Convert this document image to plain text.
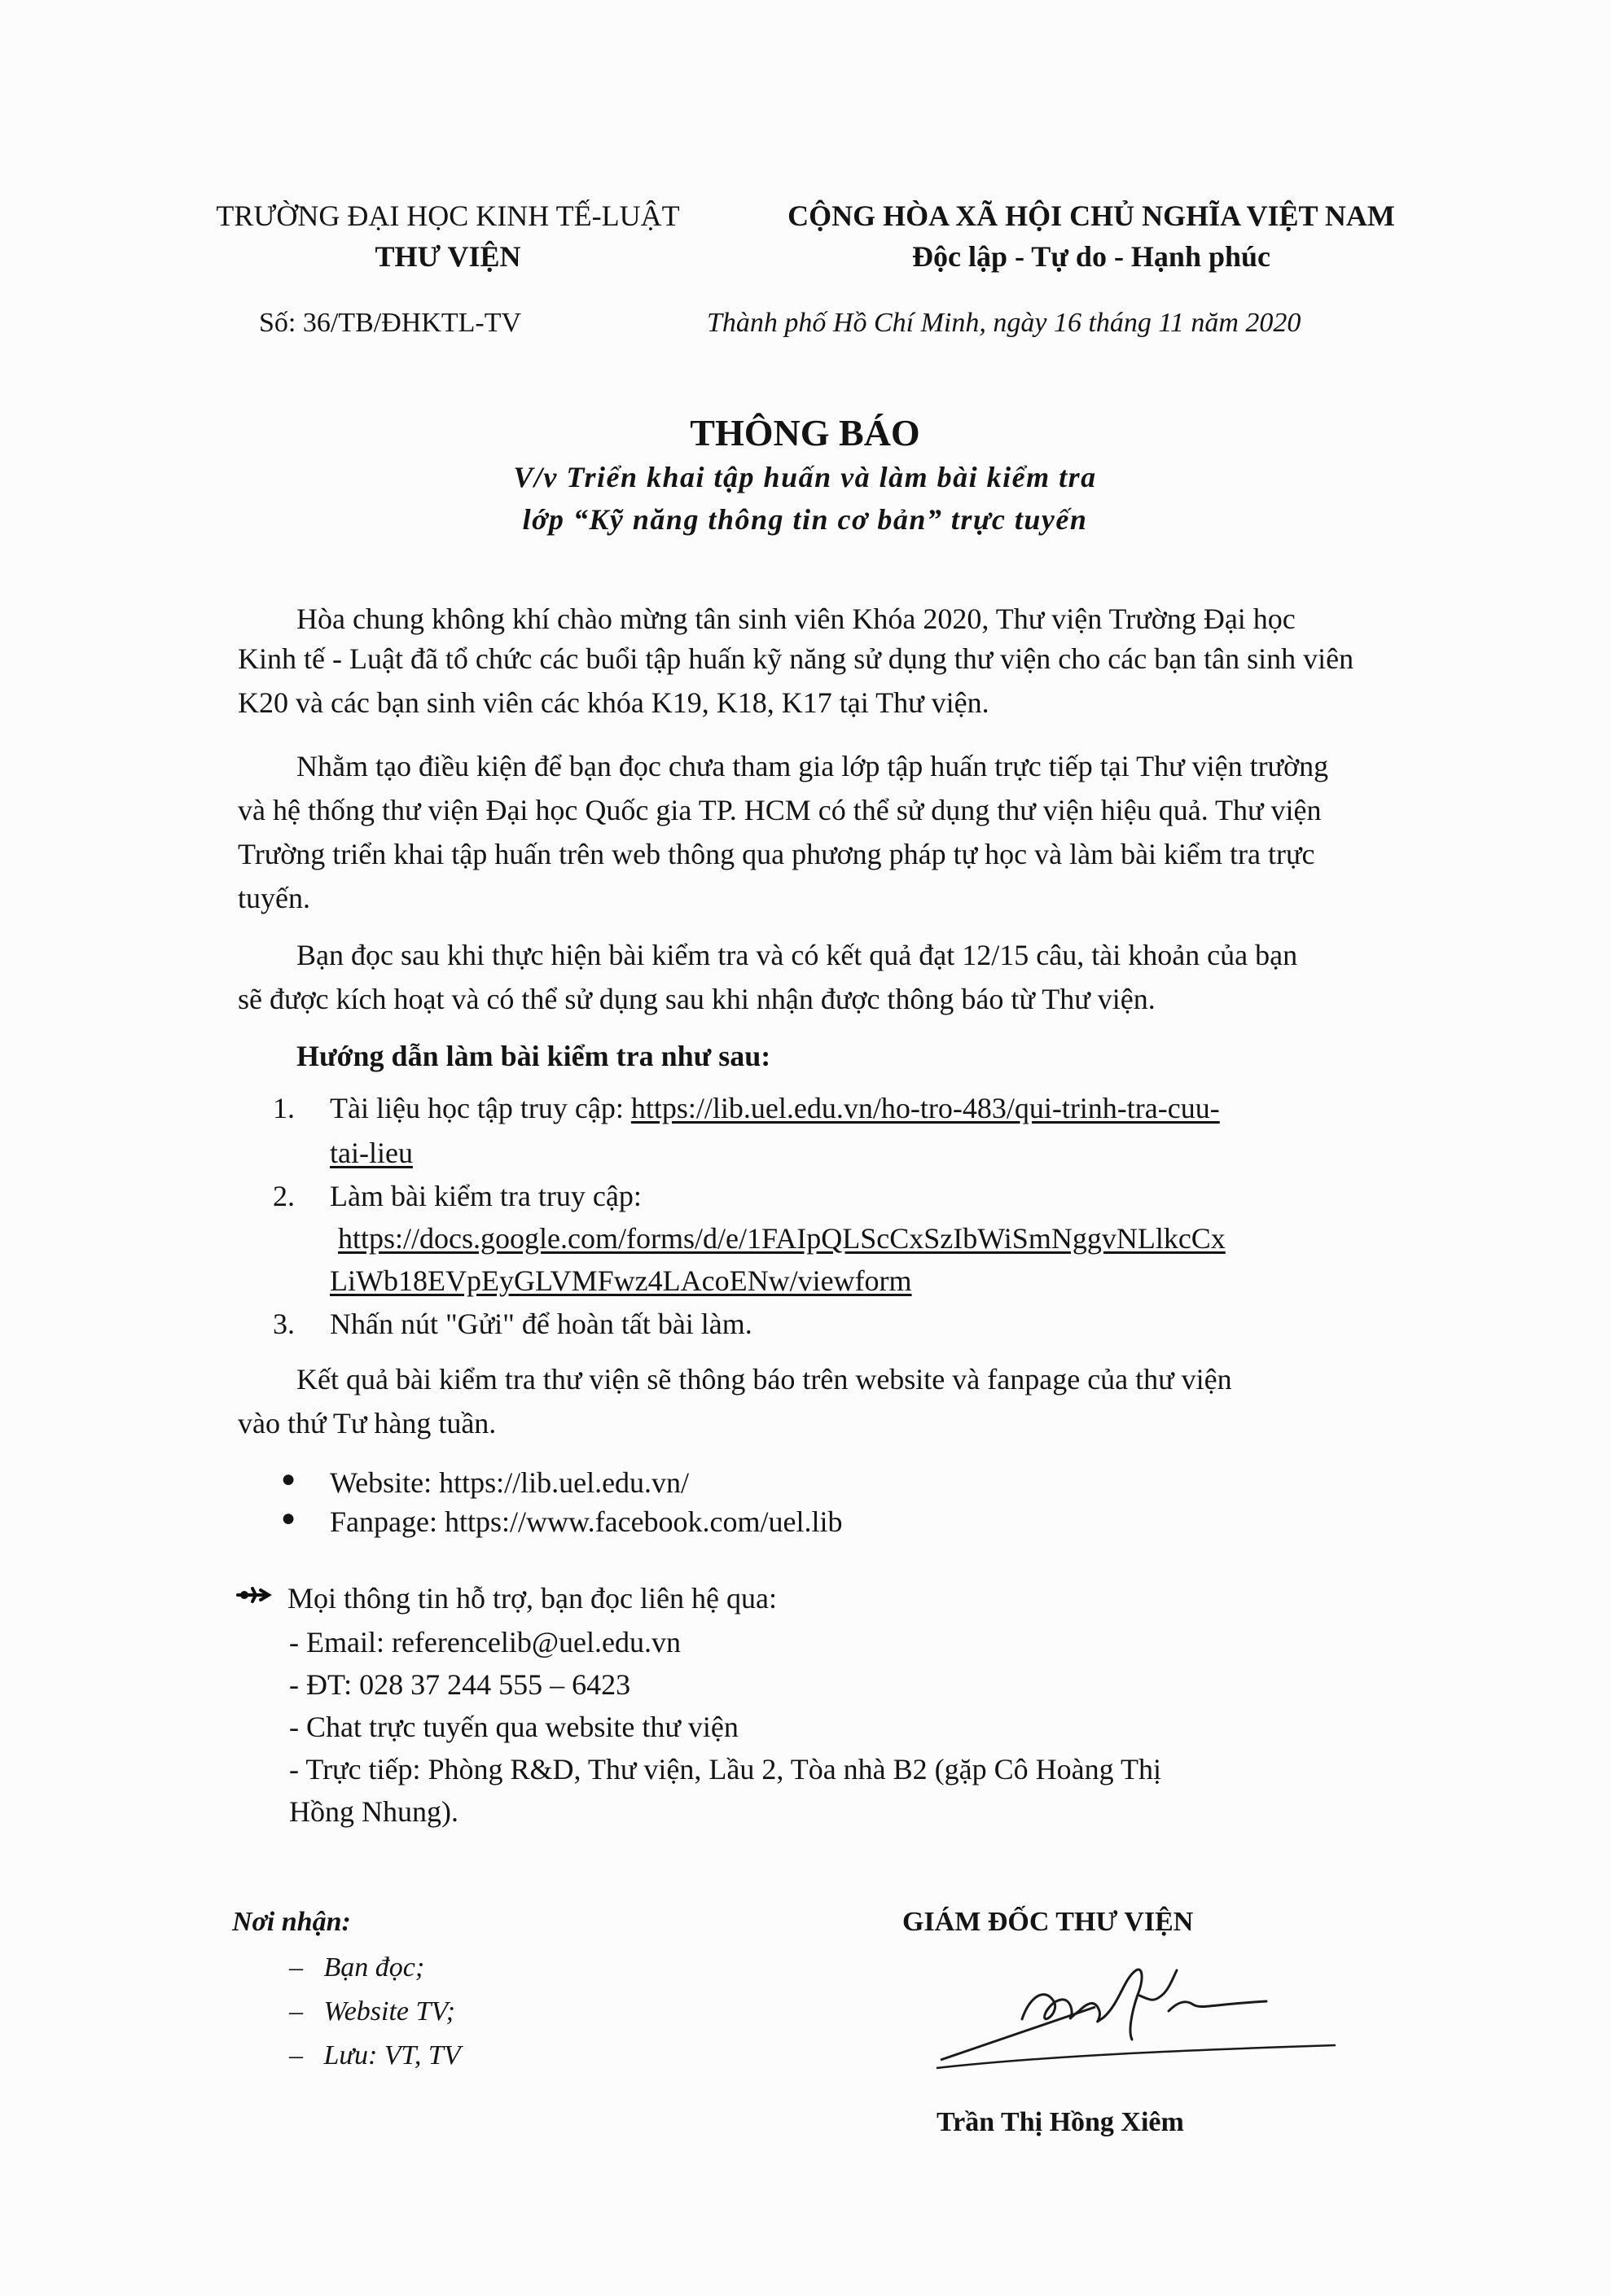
TRƯỜNG ĐẠI HỌC KINH TẾ-LUẬT
THƯ VIỆN
CỘNG HÒA XÃ HỘI CHỦ NGHĨA VIỆT NAM
Độc lập - Tự do - Hạnh phúc
Số: 36/TB/ĐHKTL-TV	Thành phố Hồ Chí Minh, ngày 16 tháng 11 năm 2020
THÔNG BÁO
V/v Triển khai tập huấn và làm bài kiểm tra
lớp “Kỹ năng thông tin cơ bản” trực tuyến
Hòa chung không khí chào mừng tân sinh viên Khóa 2020, Thư viện Trường Đại học
Kinh tế - Luật đã tổ chức các buổi tập huấn kỹ năng sử dụng thư viện cho các bạn tân sinh viên
K20 và các bạn sinh viên các khóa K19, K18, K17 tại Thư viện.
Nhằm tạo điều kiện để bạn đọc chưa tham gia lớp tập huấn trực tiếp tại Thư viện trường
và hệ thống thư viện Đại học Quốc gia TP. HCM có thể sử dụng thư viện hiệu quả. Thư viện
Trường triển khai tập huấn trên web thông qua phương pháp tự học và làm bài kiểm tra trực
tuyến.
Bạn đọc sau khi thực hiện bài kiểm tra và có kết quả đạt 12/15 câu, tài khoản của bạn
sẽ được kích hoạt và có thể sử dụng sau khi nhận được thông báo từ Thư viện.
Hướng dẫn làm bài kiểm tra như sau:
1. Tài liệu học tập truy cập: https://lib.uel.edu.vn/ho-tro-483/qui-trinh-tra-cuu-
tai-lieu
2. Làm bài kiểm tra truy cập:
https://docs.google.com/forms/d/e/1FAIpQLScCxSzIbWiSmNggvNLlkcCx
LiWb18EVpEyGLVMFwz4LAcoENw/viewform
3. Nhấn nút "Gửi" để hoàn tất bài làm.
Kết quả bài kiểm tra thư viện sẽ thông báo trên website và fanpage của thư viện
vào thứ Tư hàng tuần.
● Website: https://lib.uel.edu.vn/
● Fanpage: https://www.facebook.com/uel.lib
Mọi thông tin hỗ trợ, bạn đọc liên hệ qua:
- Email: referencelib@uel.edu.vn
- ĐT: 028 37 244 555 – 6423
- Chat trực tuyến qua website thư viện
- Trực tiếp: Phòng R&D, Thư viện, Lầu 2, Tòa nhà B2 (gặp Cô Hoàng Thị
Hồng Nhung).
Nơi nhận:
–   Bạn đọc;
–   Website TV;
–   Lưu: VT, TV
GIÁM ĐỐC THƯ VIỆN
Trần Thị Hồng Xiêm
